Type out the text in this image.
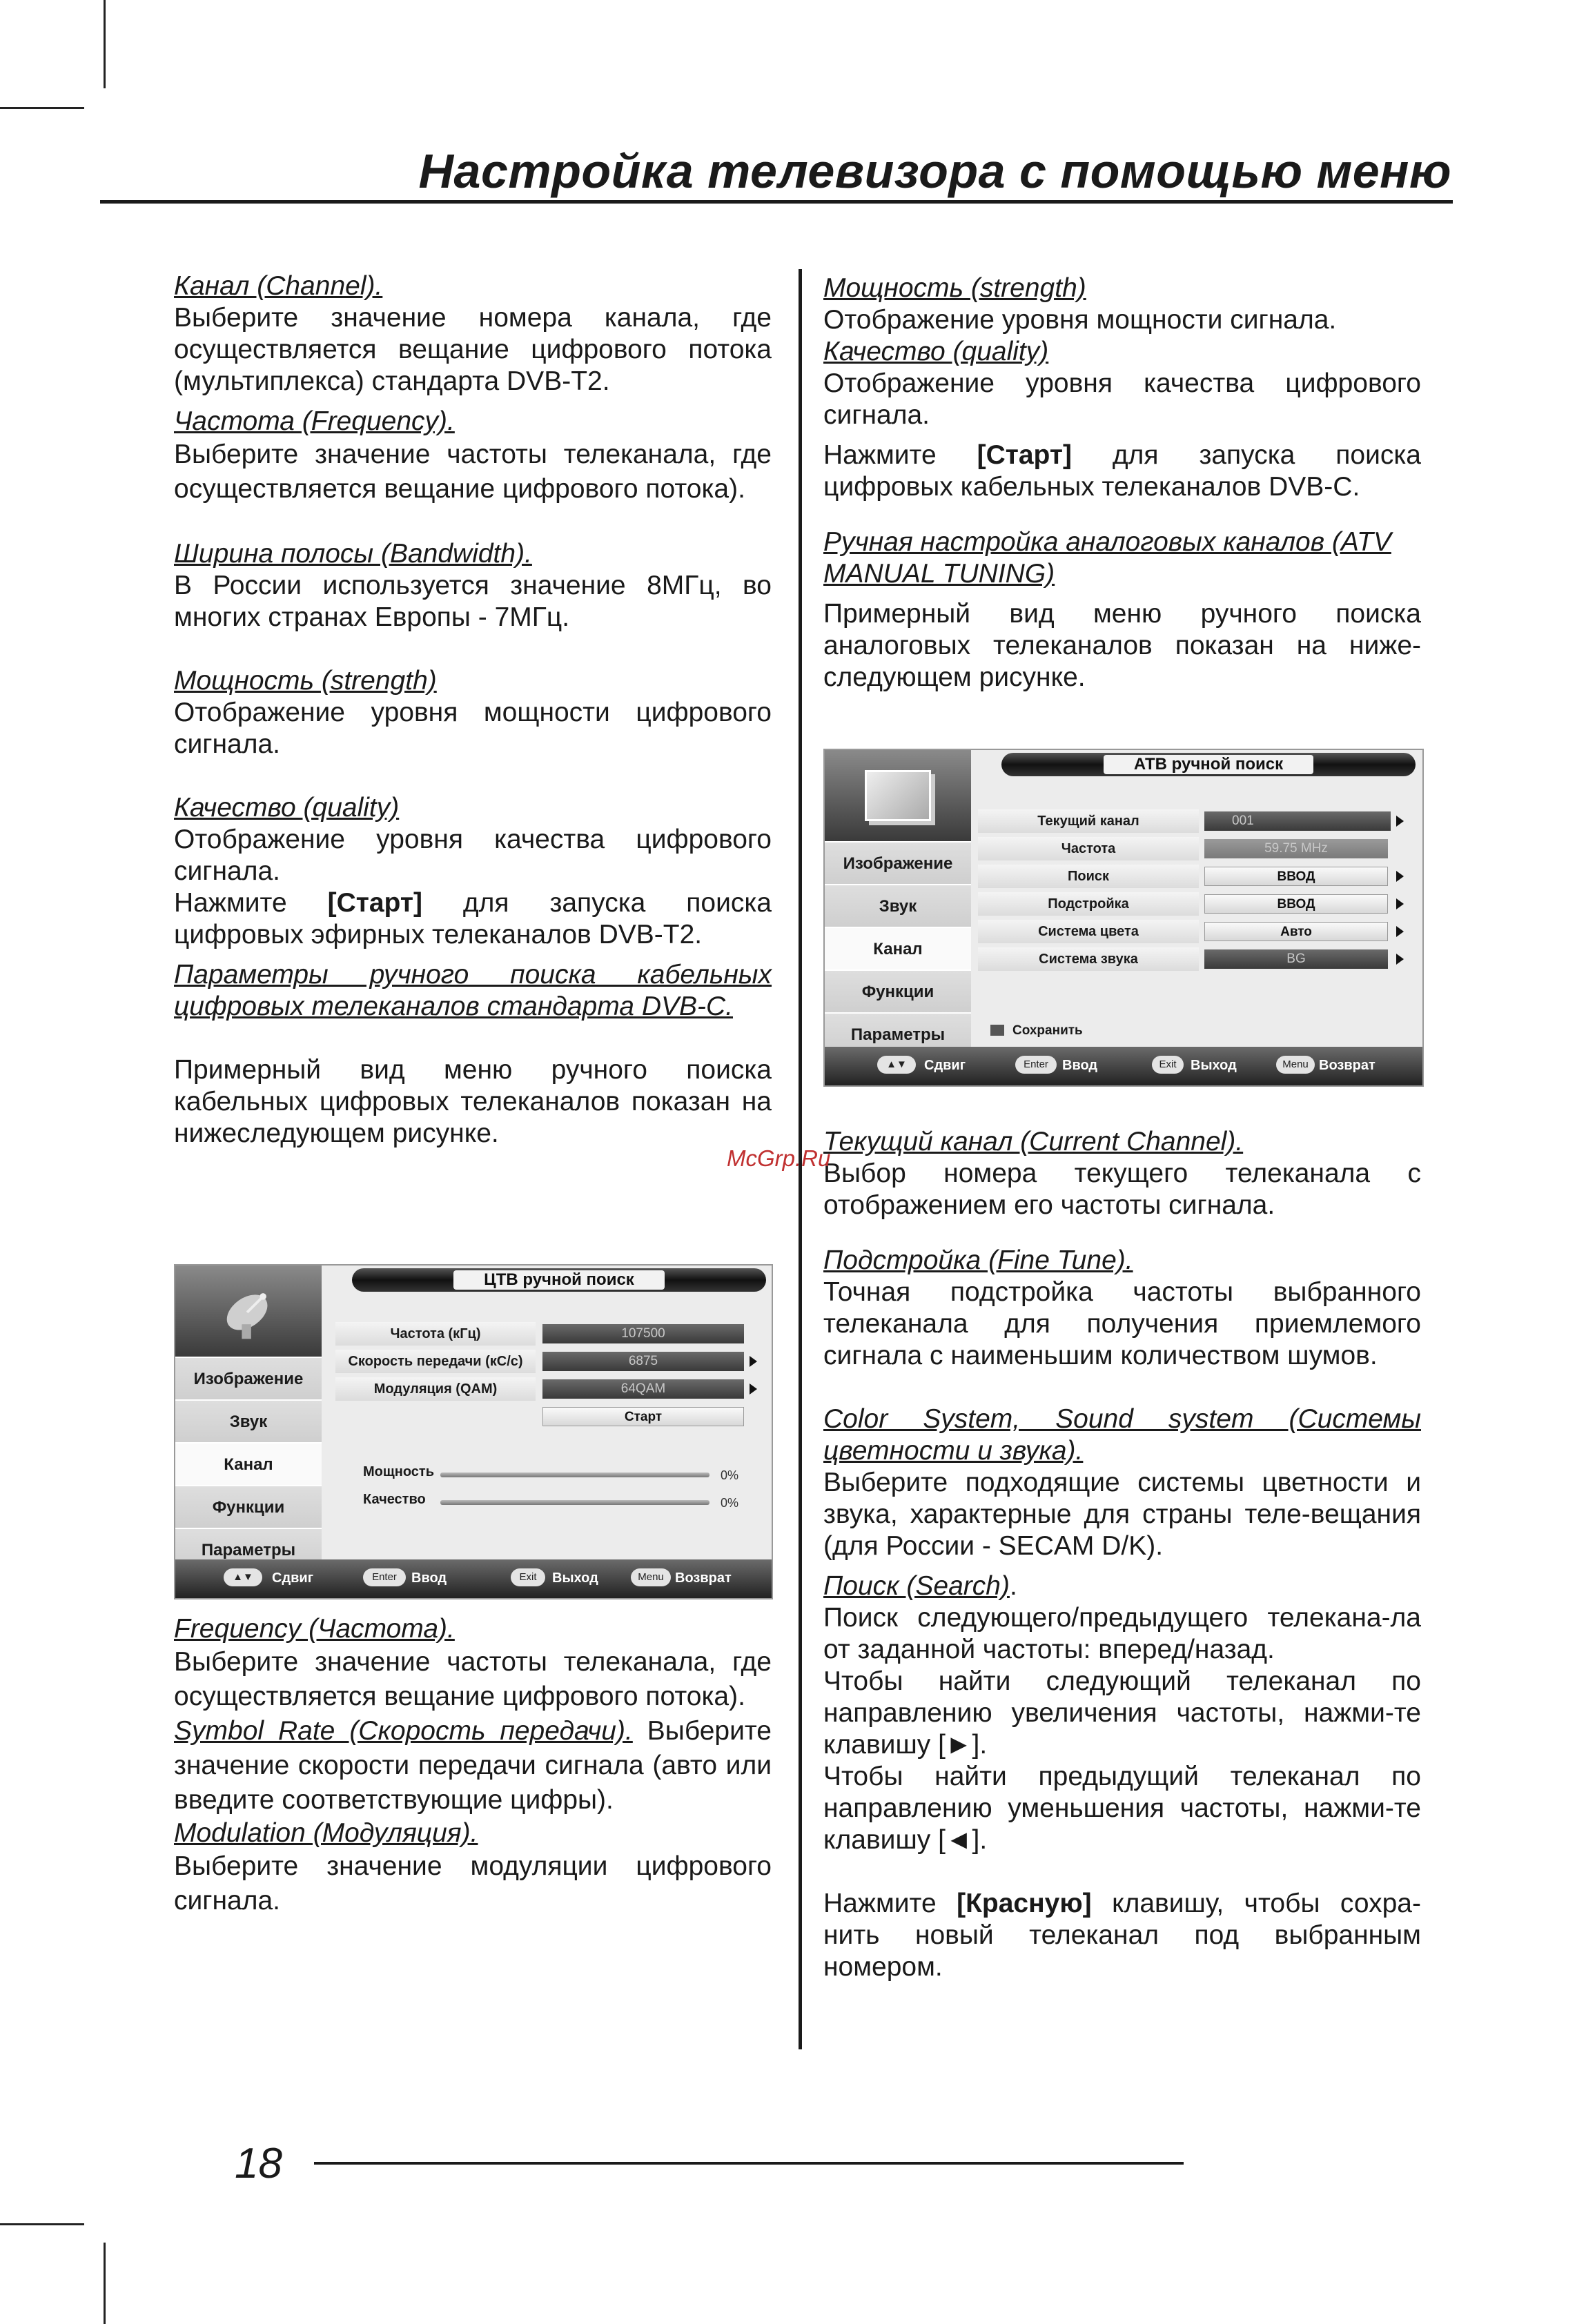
Настройка телевизора с помощью меню
Канал (Channel).
Выберите значение номера канала, где осуществляется вещание цифрового потока (мультиплекса) стандарта DVB-T2.
Частота (Frequency).
Выберите значение частоты телеканала, где осуществляется вещание цифрового потока).
Ширина полосы (Bandwidth).
В России используется значение 8МГц, во многих странах Европы - 7МГц.
Мощность (strength)
Отображение уровня мощности цифрового сигнала.
Качество (quality)
Отображение уровня качества цифрового сигнала.
Нажмите [Старт] для запуска поиска цифровых эфирных телеканалов DVB-T2.
Параметры ручного поиска кабельных цифровых телеканалов стандарта DVB-C.
Примерный вид меню ручного поиска кабельных цифровых телеканалов показан на нижеследующем рисунке.
Frequency (Частота).
Выберите значение частоты телеканала, где осуществляется вещание цифрового потока).
Symbol Rate (Скорость передачи). Выберите значение скорости передачи сигнала (авто или введите соответствующие цифры).
Modulation (Модуляция).
Выберите значение модуляции цифрового сигнала.
Мощность (strength)
Отображение уровня мощности сигнала.
Качество (quality)
Отображение уровня качества цифрового сигнала.
Нажмите [Старт] для запуска поиска цифровых кабельных телеканалов DVB-C.
Ручная настройка аналоговых каналов (ATV MANUAL TUNING)
Примерный вид меню ручного поиска аналоговых телеканалов показан на ниже-следующем рисунке.
Текущий канал (Current Channel).
Выбор номера текущего телеканала с отображением его частоты сигнала.
Подстройка (Fine Tune).
Точная подстройка частоты выбранного телеканала для получения приемлемого сигнала с наименьшим количеством шумов.
Color System, Sound system (Системы цветности и звука).
Выберите подходящие системы цветности и звука, характерные для страны теле-вещания (для России - SECAM D/K).
Поиск (Search).
Поиск следующего/предыдущего телекана-ла от заданной частоты: вперед/назад.
Чтобы найти следующий телеканал по направлению увеличения частоты, нажми-те клавишу [►].
Чтобы найти предыдущий телеканал по направлению уменьшения частоты, нажми-те клавишу [◄].
Нажмите [Красную] клавишу, чтобы сохра-нить новый телеканал под выбранным номером.
McGrp.Ru
Изображение
Звук
Канал
Функции
Параметры
ЦТВ ручной поиск
Частота (кГц)	107500
Скорость передачи (кС/с)	6875
Модуляция (QAM)	64QAM
Старт
Мощность	0%
Качество	0%
▲▼	Сдвиг	Enter	Ввод	Exit	Выход	Menu Возврат
Изображение
Звук
Канал
Функции
Параметры
АТВ ручной поиск
Текущий канал	001
Частота	59.75 MHz
Поиск	ВВОД
Подстройка	ВВОД
Система цвета	Авто
Система звука	BG
Сохранить
▲▼	Сдвиг	Enter	Ввод	Exit	Выход	Menu Возврат
18
